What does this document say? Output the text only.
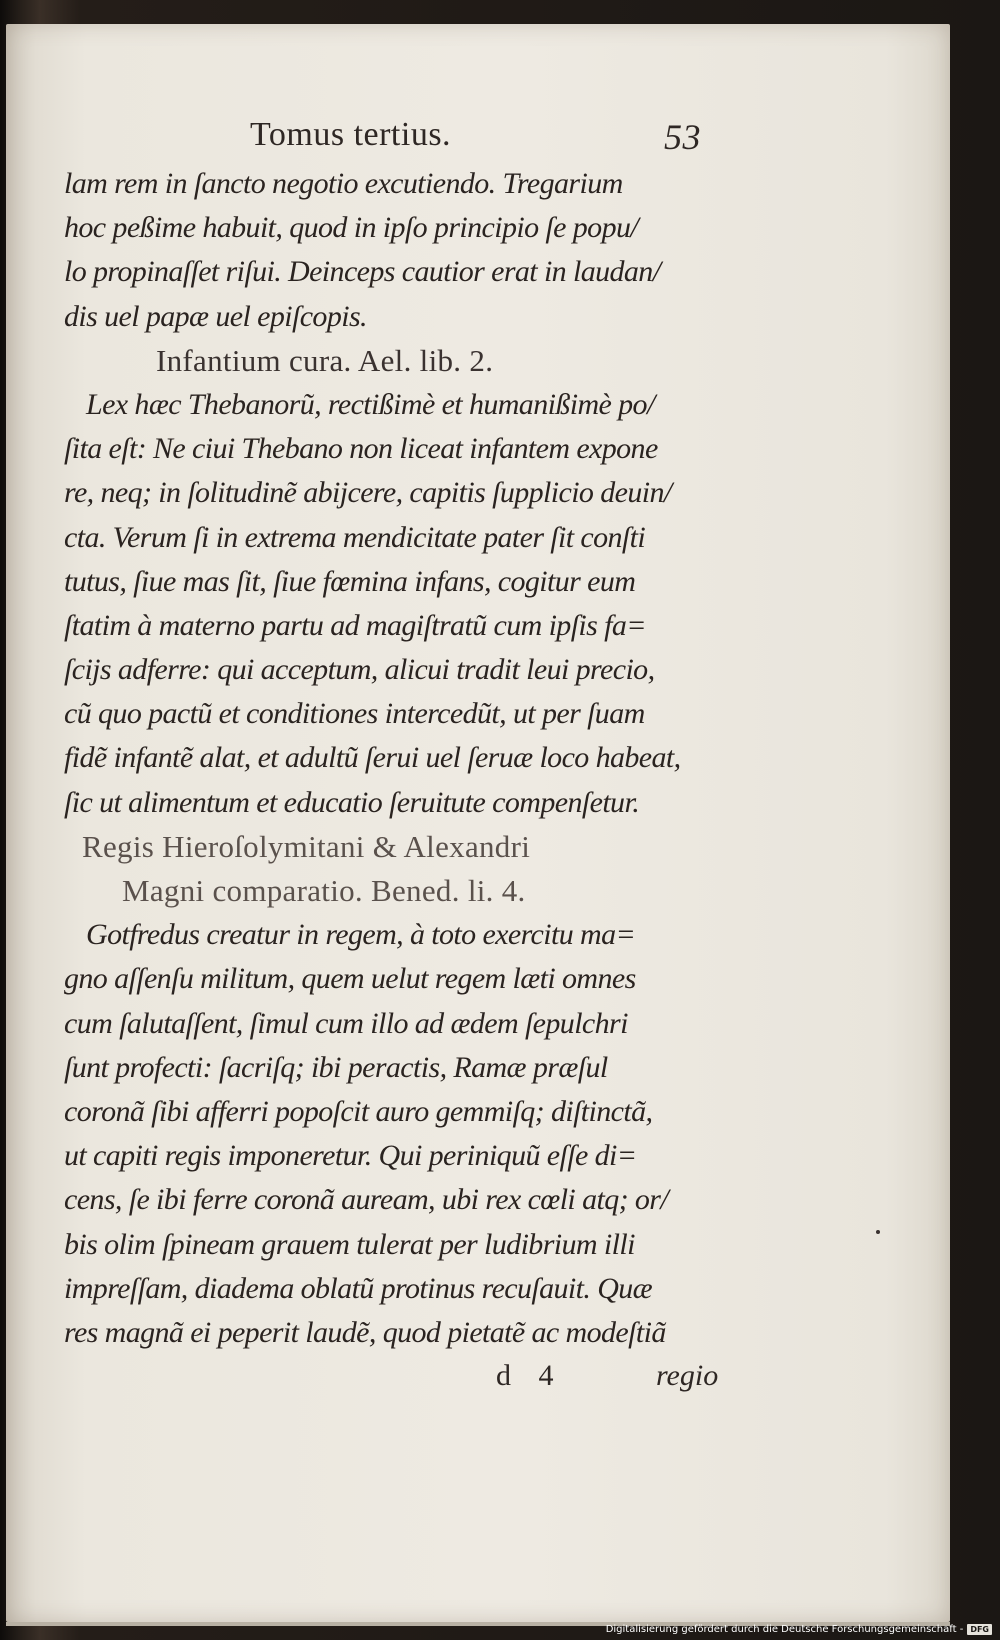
Tomus tertius.	53
lam rem in ſancto negotio excutiendo. Tregarium
hoc peßime habuit, quod in ipſo principio ſe popu/
lo propinaſſet riſui. Deinceps cautior erat in laudan/
dis uel papæ uel epiſcopis.
Infantium cura. Ael. lib. 2.
Lex hæc Thebanorũ, rectißimè et humanißimè po/
ſita eſt: Ne ciui Thebano non liceat infantem expone
re, neq; in ſolitudinẽ abijcere, capitis ſupplicio deuin/
cta. Verum ſi in extrema mendicitate pater ſit conſti
tutus, ſiue mas ſit, ſiue fœmina infans, cogitur eum
ſtatim à materno partu ad magiſtratũ cum ipſis fa=
ſcijs adferre: qui acceptum, alicui tradit leui precio,
cũ quo pactũ et conditiones intercedũt, ut per ſuam
fidẽ infantẽ alat, et adultũ ſerui uel ſeruæ loco habeat,
ſic ut alimentum et educatio ſeruitute compenſetur.
Regis Hieroſolymitani & Alexandri
Magni comparatio. Bened. li. 4.
Gotfredus creatur in regem, à toto exercitu ma=
gno aſſenſu militum, quem uelut regem læti omnes
cum ſalutaſſent, ſimul cum illo ad ædem ſepulchri
ſunt profecti: ſacriſq; ibi peractis, Ramæ præſul
coronã ſibi afferri popoſcit auro gemmiſq; diſtinctã,
ut capiti regis imponeretur. Qui periniquũ eſſe di=
cens, ſe ibi ferre coronã auream, ubi rex cœli atq; or/
bis olim ſpineam grauem tulerat per ludibrium illi
impreſſam, diadema oblatũ protinus recuſauit. Quæ
res magnã ei peperit laudẽ, quod pietatẽ ac modeſtiã
d 4	regio
Digitalisierung gefördert durch die Deutsche Forschungsgemeinschaft - DFG
